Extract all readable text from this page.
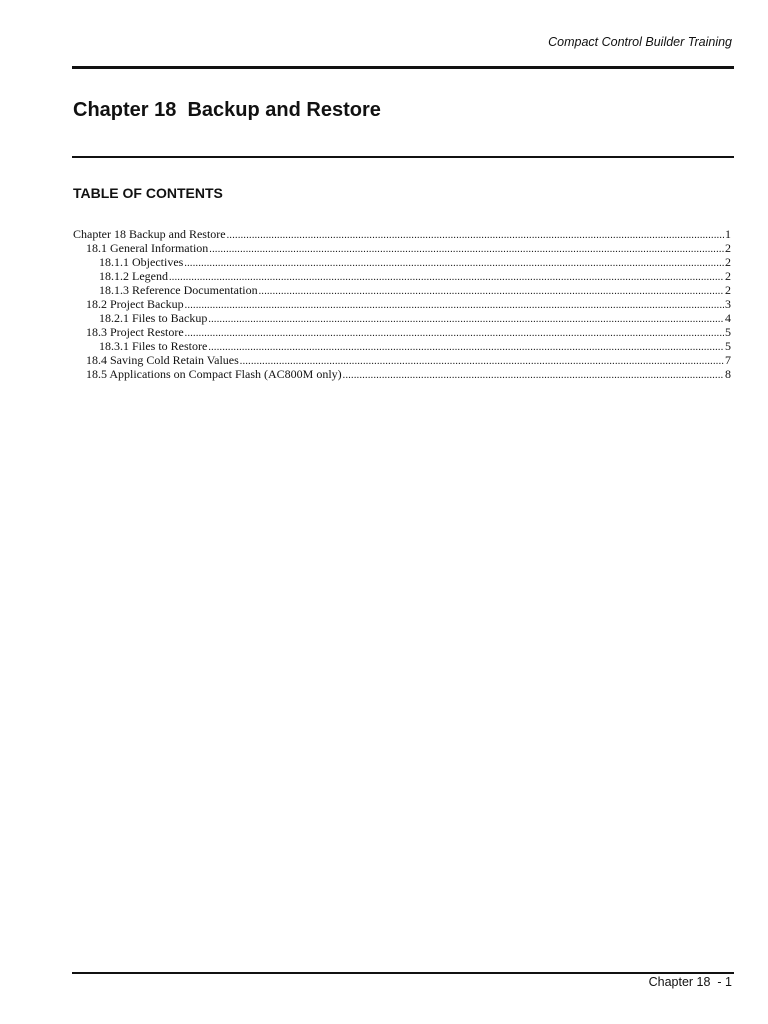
Compact Control Builder Training
Chapter 18  Backup and Restore
TABLE OF CONTENTS
Chapter 18 Backup and Restore .....	1
18.1 General Information .....	2
18.1.1 Objectives .....	2
18.1.2 Legend .....	2
18.1.3 Reference Documentation .....	2
18.2 Project Backup .....	3
18.2.1 Files to Backup .....	4
18.3 Project Restore .....	5
18.3.1 Files to Restore .....	5
18.4 Saving Cold Retain Values .....	7
18.5 Applications on Compact Flash (AC800M only) .....	8
Chapter 18  - 1
